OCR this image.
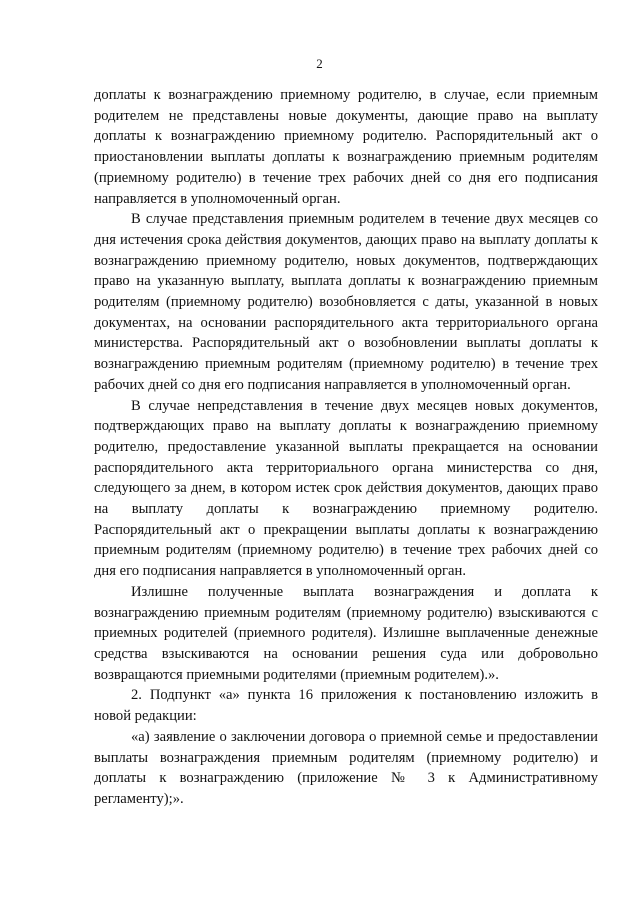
2

доплаты к вознаграждению приемному родителю, в случае, если приемным родителем не представлены новые документы, дающие право на выплату доплаты к вознаграждению приемному родителю. Распорядительный акт о приостановлении выплаты доплаты к вознаграждению приемным родителям (приемному родителю) в течение трех рабочих дней со дня его подписания направляется в уполномоченный орган.

В случае представления приемным родителем в течение двух месяцев со дня истечения срока действия документов, дающих право на выплату доплаты к вознаграждению приемному родителю, новых документов, подтверждающих право на указанную выплату, выплата доплаты к вознаграждению приемным родителям (приемному родителю) возобновляется с даты, указанной в новых документах, на основании распорядительного акта территориального органа министерства. Распорядительный акт о возобновлении выплаты доплаты к вознаграждению приемным родителям (приемному родителю) в течение трех рабочих дней со дня его подписания направляется в уполномоченный орган.

В случае непредставления в течение двух месяцев новых документов, подтверждающих право на выплату доплаты к вознаграждению приемному родителю, предоставление указанной выплаты прекращается на основании распорядительного акта территориального органа министерства со дня, следующего за днем, в котором истек срок действия документов, дающих право на выплату доплаты к вознаграждению приемному родителю. Распорядительный акт о прекращении выплаты доплаты к вознаграждению приемным родителям (приемному родителю) в течение трех рабочих дней со дня его подписания направляется в уполномоченный орган.

Излишне полученные выплата вознаграждения и доплата к вознаграждению приемным родителям (приемному родителю) взыскиваются с приемных родителей (приемного родителя). Излишне выплаченные денежные средства взыскиваются на основании решения суда или добровольно возвращаются приемными родителями (приемным родителем).».

2. Подпункт «а» пункта 16 приложения к постановлению изложить в новой редакции:

«а) заявление о заключении договора о приемной семье и предоставлении выплаты вознаграждения приемным родителям (приемному родителю) и доплаты к вознаграждению (приложение № 3 к Административному регламенту);».
